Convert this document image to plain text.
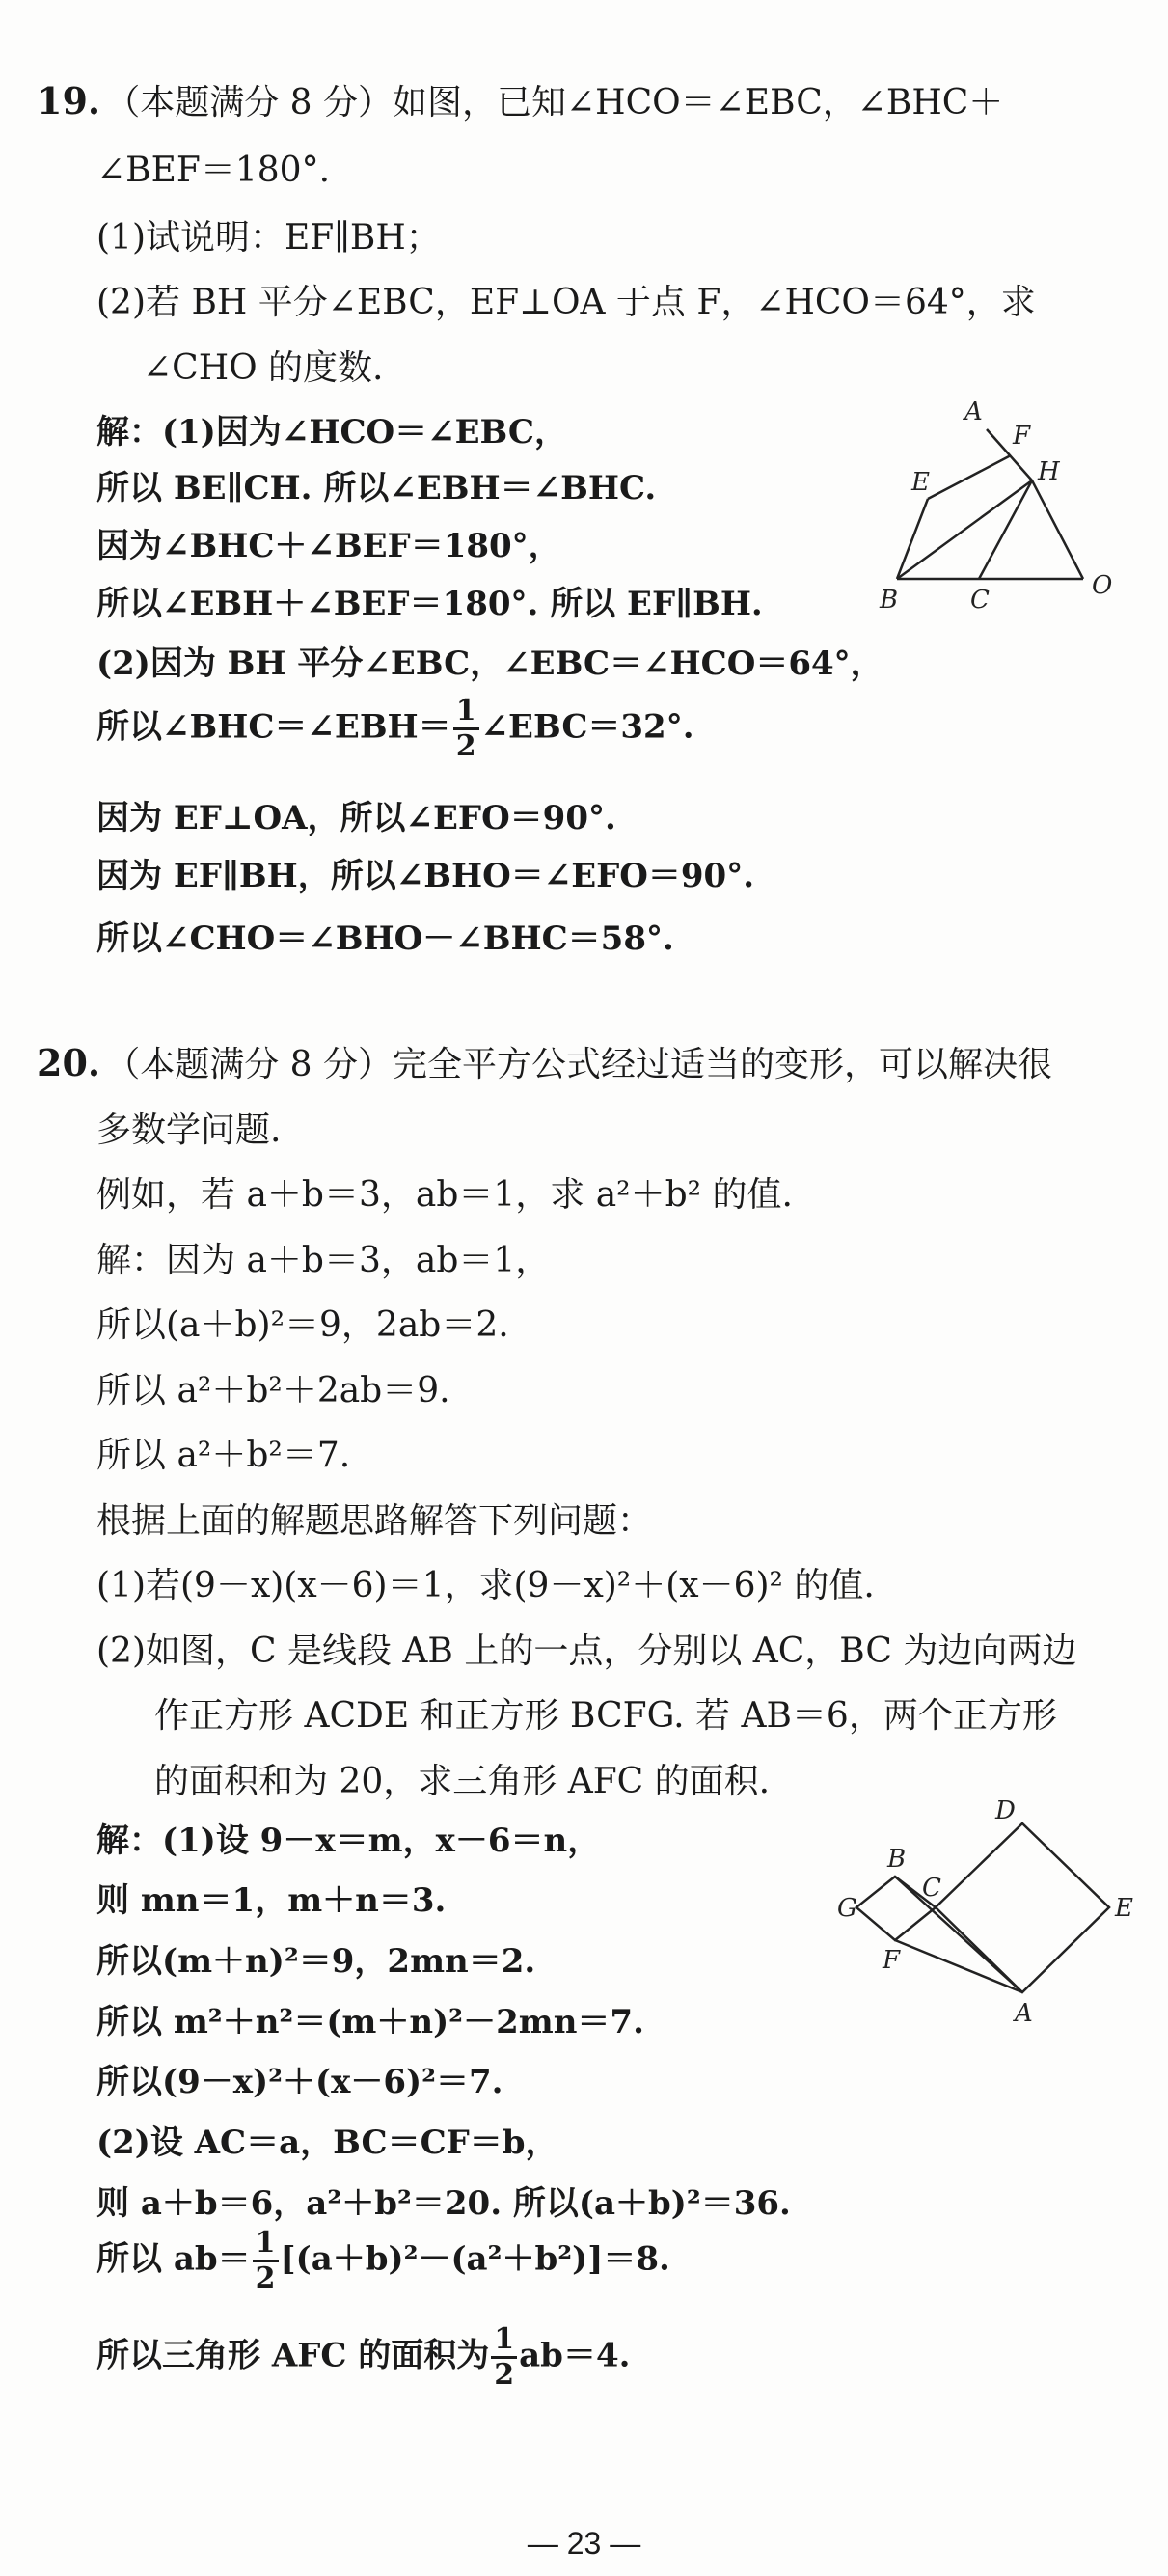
19. （本题满分 8 分）如图，已知∠HCO＝∠EBC，∠BHC＋
∠BEF＝180°.
(1)试说明：EF∥BH；
(2)若 BH 平分∠EBC，EF⊥OA 于点 F，∠HCO＝64°，求
∠CHO 的度数.
解：(1)因为∠HCO＝∠EBC，
所以 BE∥CH. 所以∠EBH＝∠BHC.
因为∠BHC＋∠BEF＝180°，
所以∠EBH＋∠BEF＝180°. 所以 EF∥BH.
(2)因为 BH 平分∠EBC，∠EBC＝∠HCO＝64°，
所以∠BHC＝∠EBH＝ $\frac{1}{2}$ ∠EBC＝32°.
因为 EF⊥OA，所以∠EFO＝90°.
因为 EF∥BH，所以∠BHO＝∠EFO＝90°.
所以∠CHO＝∠BHO－∠BHC＝58°.
A
F
E	H
B	C	O
20. （本题满分 8 分）完全平方公式经过适当的变形，可以解决很
多数学问题.
例如，若 a＋b＝3，ab＝1，求 a²＋b² 的值.
解：因为 a＋b＝3，ab＝1，
所以(a＋b)²＝9，2ab＝2.
所以 a²＋b²＋2ab＝9.
所以 a²＋b²＝7.
根据上面的解题思路解答下列问题：
(1)若(9－x)(x－6)＝1，求(9－x)²＋(x－6)² 的值.
(2)如图，C 是线段 AB 上的一点，分别以 AC，BC 为边向两边
作正方形 ACDE 和正方形 BCFG. 若 AB＝6，两个正方形
的面积和为 20，求三角形 AFC 的面积.
解：(1)设 9－x＝m，x－6＝n，
则 mn＝1，m＋n＝3.
所以(m＋n)²＝9，2mn＝2.
所以 m²＋n²＝(m＋n)²－2mn＝7.
所以(9－x)²＋(x－6)²＝7.
(2)设 AC＝a，BC＝CF＝b，
则 a＋b＝6，a²＋b²＝20. 所以(a＋b)²＝36.
所以 $ab= \frac{1}{2} [(a+b)^2-(a^2+b^2)]=8$.
所以三角形 AFC 的面积为 $\frac{1}{2} ab=4$.
D
B
C
G	E
F
A
— 23 —
